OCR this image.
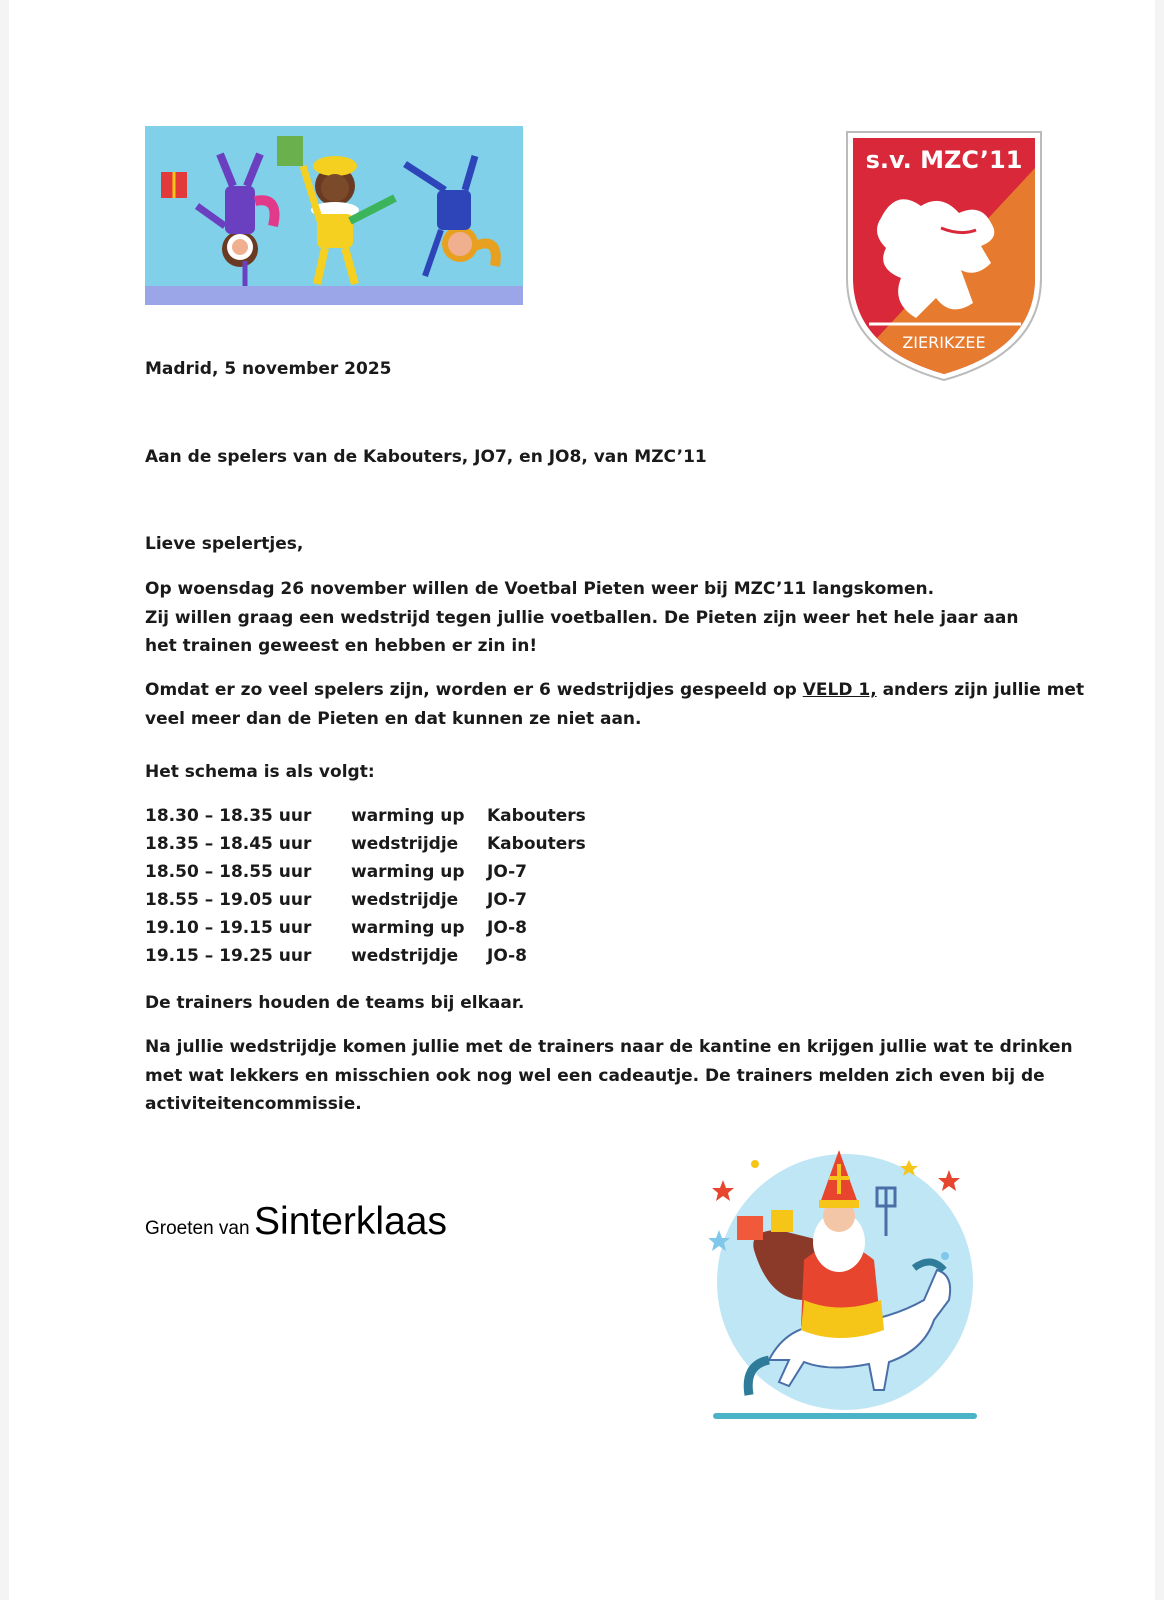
s.v. MZC’11
ZIERIKZEE
Madrid, 5 november 2025
Aan de spelers van de Kabouters, JO7, en JO8, van MZC’11
Lieve spelertjes,
Op woensdag 26 november willen de Voetbal Pieten weer bij MZC’11 langskomen.
Zij willen graag een wedstrijd tegen jullie voetballen. De Pieten zijn weer het hele jaar aan
het trainen geweest en hebben er zin in!
Omdat er zo veel spelers zijn, worden er 6 wedstrijdjes gespeeld op VELD 1, anders zijn jullie met
veel meer dan de Pieten en dat kunnen ze niet aan.
Het schema is als volgt:
18.30 – 18.35 uur warming up Kabouters
18.35 – 18.45 uur wedstrijdje Kabouters
18.50 – 18.55 uur warming up JO-7
18.55 – 19.05 uur wedstrijdje JO-7
19.10 – 19.15 uur warming up JO-8
19.15 – 19.25 uur wedstrijdje JO-8
De trainers houden de teams bij elkaar.
Na jullie wedstrijdje komen jullie met de trainers naar de kantine en krijgen jullie wat te drinken
met wat lekkers en misschien ook nog wel een cadeautje. De trainers melden zich even bij de
activiteitencommissie.
Groeten van Sinterklaas
